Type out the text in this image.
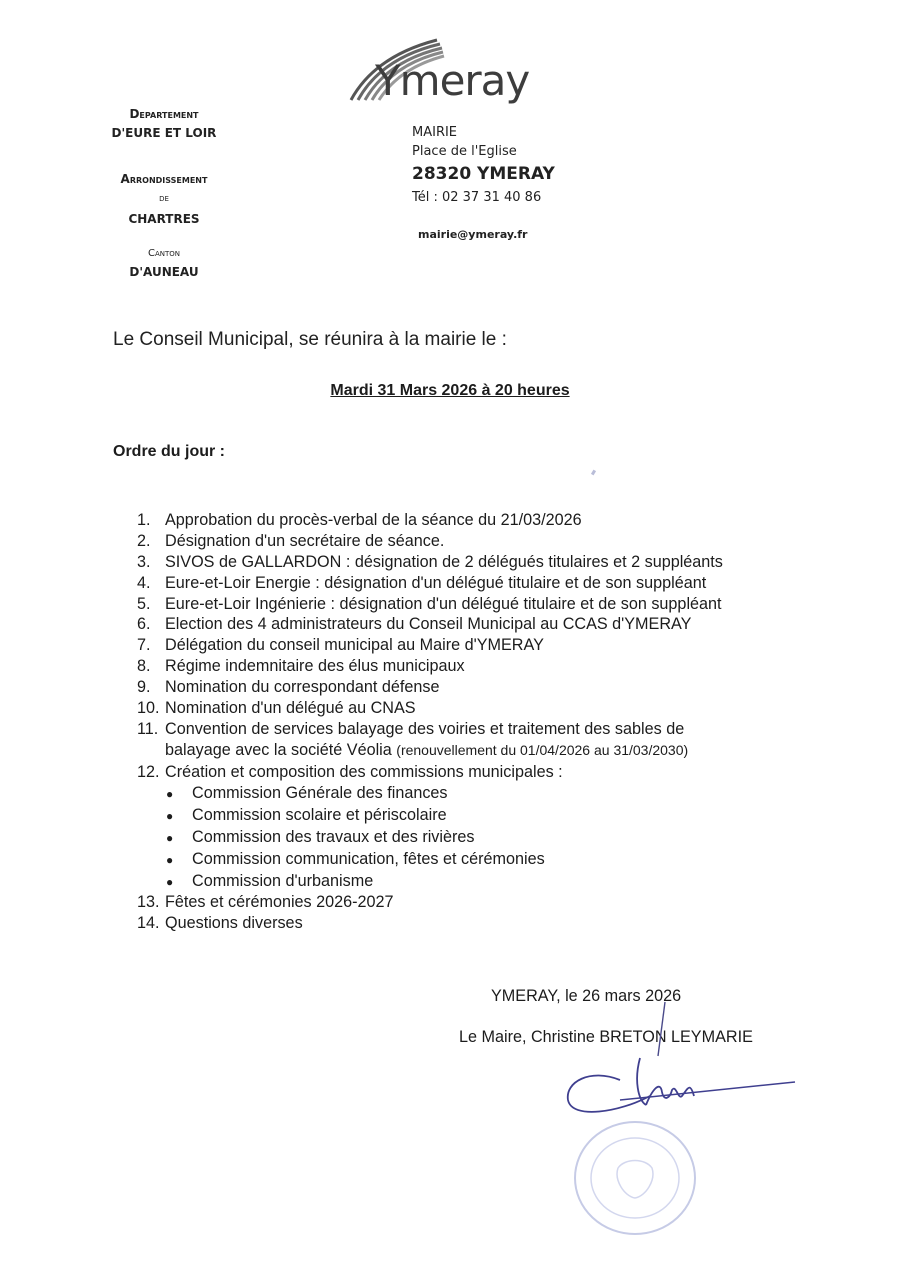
Ymeray
Departement
D'EURE ET LOIR
Arrondissement
de
CHARTRES
Canton
D'AUNEAU
MAIRIE
Place de l'Eglise
28320 YMERAY
Tél : 02 37 31 40 86
mairie@ymeray.fr
Le Conseil Municipal, se réunira à la mairie le :
Mardi 31 Mars 2026 à 20 heures
Ordre du jour :
1. Approbation du procès-verbal de la séance du 21/03/2026
2. Désignation d'un secrétaire de séance.
3. SIVOS de GALLARDON : désignation de 2 délégués titulaires et 2 suppléants
4. Eure-et-Loir Energie : désignation d'un délégué titulaire et de son suppléant
5. Eure-et-Loir Ingénierie : désignation d'un délégué titulaire et de son suppléant
6. Election des 4 administrateurs du Conseil Municipal au CCAS d'YMERAY
7. Délégation du conseil municipal au Maire d'YMERAY
8. Régime indemnitaire des élus municipaux
9. Nomination du correspondant défense
10. Nomination d'un délégué au CNAS
11. Convention de services balayage des voiries et traitement des sables de
balayage avec la société Véolia (renouvellement du 01/04/2026 au 31/03/2030)
12. Création et composition des commissions municipales :
● Commission Générale des finances
● Commission scolaire et périscolaire
● Commission des travaux et des rivières
● Commission communication, fêtes et cérémonies
● Commission d'urbanisme
13. Fêtes et cérémonies 2026-2027
14. Questions diverses
YMERAY, le 26 mars 2026
Le Maire, Christine BRETON LEYMARIE
